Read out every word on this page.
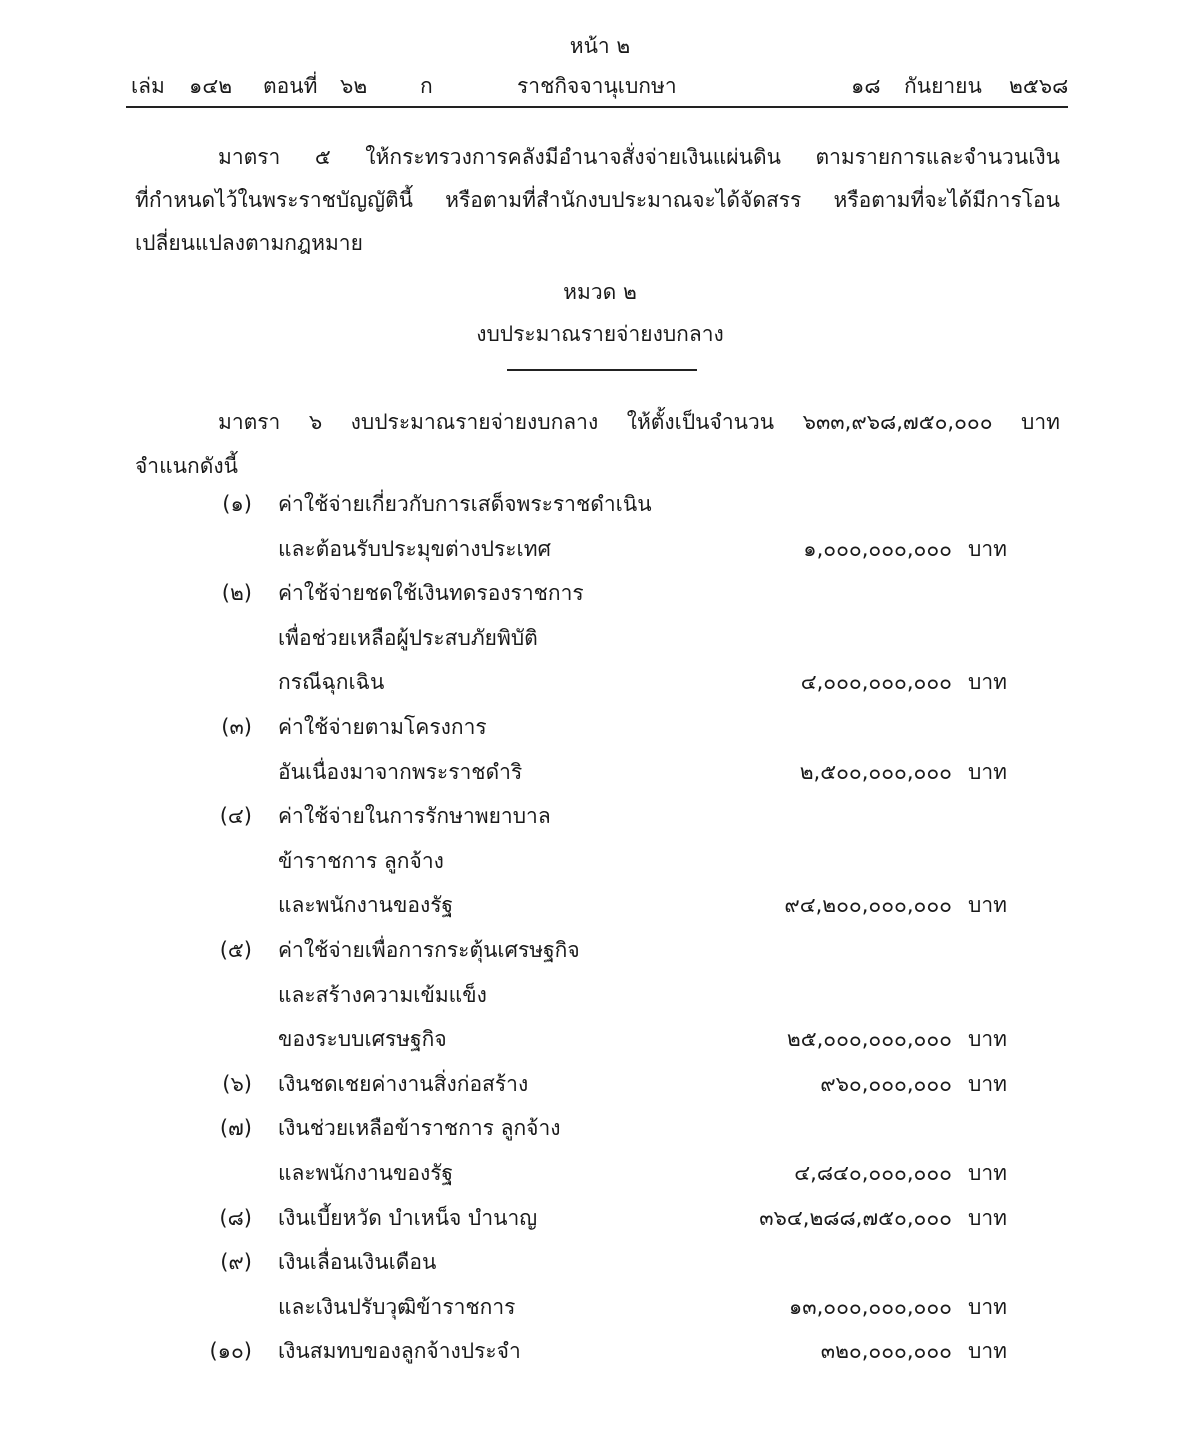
หน้า ๒
เล่ม ๑๔๒ ตอนที่ ๖๒	ก	ราชกิจจานุเบกษา	๑๘ กันยายน ๒๕๖๘
มาตรา ๕ ให้กระทรวงการคลังมีอำนาจสั่งจ่ายเงินแผ่นดิน ตามรายการและจำนวนเงิน
ที่กำหนดไว้ในพระราชบัญญัตินี้ หรือตามที่สำนักงบประมาณจะได้จัดสรร หรือตามที่จะได้มีการโอน
เปลี่ยนแปลงตามกฎหมาย
หมวด ๒
งบประมาณรายจ่ายงบกลาง
มาตรา ๖ งบประมาณรายจ่ายงบกลาง ให้ตั้งเป็นจำนวน ๖๓๓,๙๖๘,๗๕๐,๐๐๐ บาท
จำแนกดังนี้
(๑) ค่าใช้จ่ายเกี่ยวกับการเสด็จพระราชดำเนิน
และต้อนรับประมุขต่างประเทศ	๑,๐๐๐,๐๐๐,๐๐๐ บาท
(๒) ค่าใช้จ่ายชดใช้เงินทดรองราชการ
เพื่อช่วยเหลือผู้ประสบภัยพิบัติ
กรณีฉุกเฉิน	๔,๐๐๐,๐๐๐,๐๐๐ บาท
(๓) ค่าใช้จ่ายตามโครงการ
อันเนื่องมาจากพระราชดำริ	๒,๕๐๐,๐๐๐,๐๐๐ บาท
(๔) ค่าใช้จ่ายในการรักษาพยาบาล
ข้าราชการ ลูกจ้าง
และพนักงานของรัฐ	๙๔,๒๐๐,๐๐๐,๐๐๐ บาท
(๕) ค่าใช้จ่ายเพื่อการกระตุ้นเศรษฐกิจ
และสร้างความเข้มแข็ง
ของระบบเศรษฐกิจ	๒๕,๐๐๐,๐๐๐,๐๐๐ บาท
(๖) เงินชดเชยค่างานสิ่งก่อสร้าง	๙๖๐,๐๐๐,๐๐๐ บาท
(๗) เงินช่วยเหลือข้าราชการ ลูกจ้าง
และพนักงานของรัฐ	๔,๘๔๐,๐๐๐,๐๐๐ บาท
(๘) เงินเบี้ยหวัด บำเหน็จ บำนาญ	๓๖๔,๒๘๘,๗๕๐,๐๐๐ บาท
(๙) เงินเลื่อนเงินเดือน
และเงินปรับวุฒิข้าราชการ	๑๓,๐๐๐,๐๐๐,๐๐๐ บาท
(๑๐) เงินสมทบของลูกจ้างประจำ	๓๒๐,๐๐๐,๐๐๐ บาท
